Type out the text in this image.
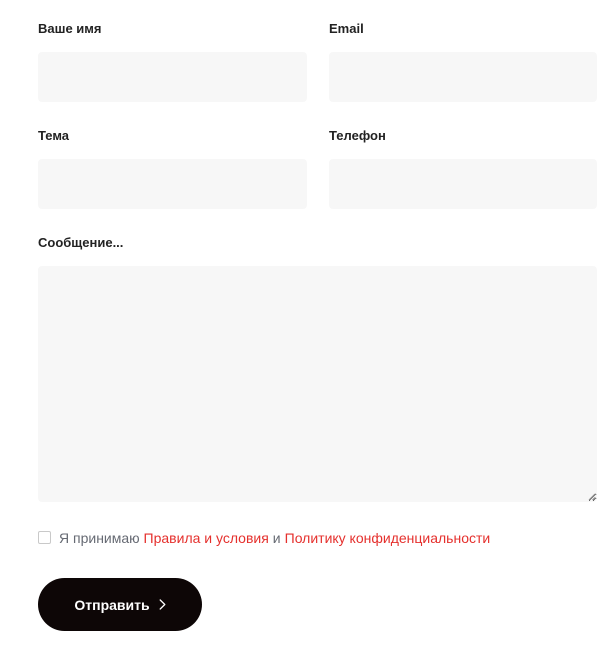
Ваше имя	Email
Тема	Телефон
Сообщение...
Я принимаю
Правила и условия и Политику конфиденциальности
Отправить
